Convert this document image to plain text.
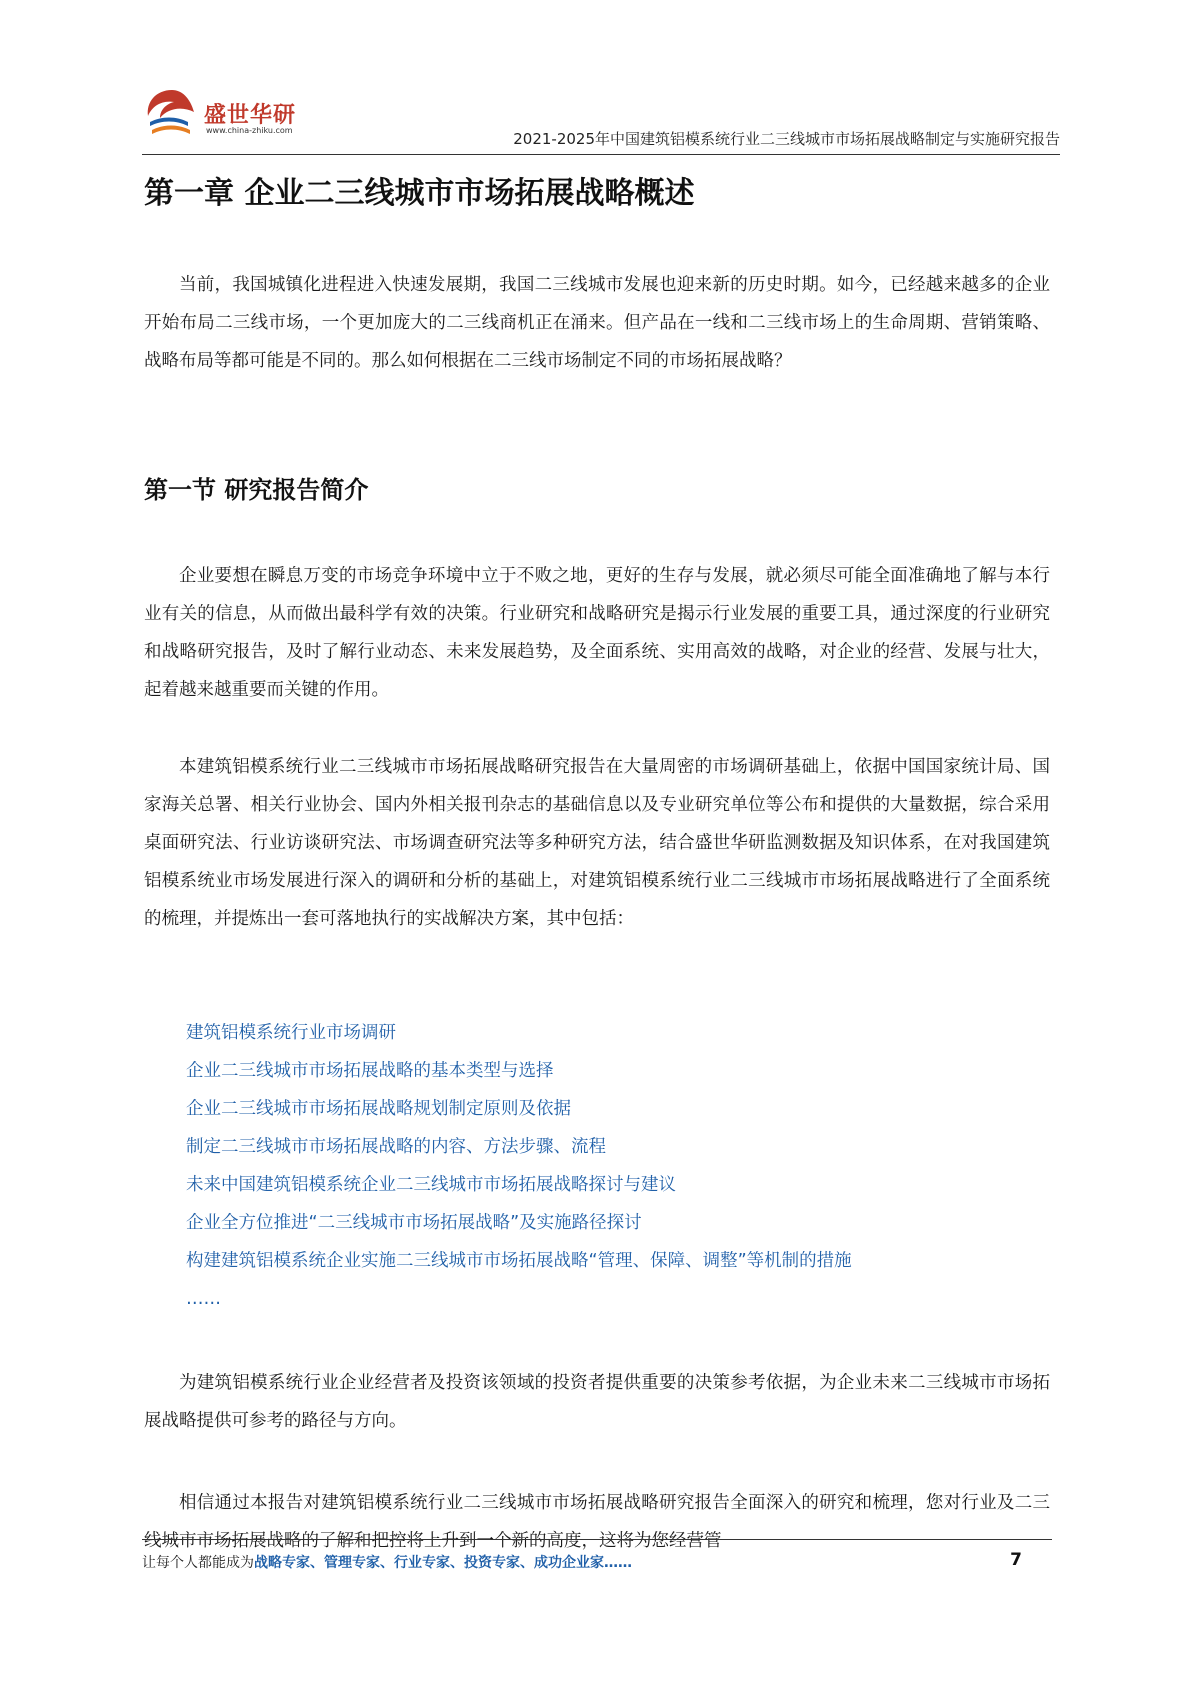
盛世华研
www.china-zhiku.com	2021-2025年中国建筑铝模系统行业二三线城市市场拓展战略制定与实施研究报告
第一章 企业二三线城市市场拓展战略概述

当前，我国城镇化进程进入快速发展期，我国二三线城市发展也迎来新的历史时期。如今，已经越来越多的企业开始布局二三线市场，一个更加庞大的二三线商机正在涌来。但产品在一线和二三线市场上的生命周期、营销策略、战略布局等都可能是不同的。那么如何根据在二三线市场制定不同的市场拓展战略？

第一节 研究报告简介

企业要想在瞬息万变的市场竞争环境中立于不败之地，更好的生存与发展，就必须尽可能全面准确地了解与本行业有关的信息，从而做出最科学有效的决策。行业研究和战略研究是揭示行业发展的重要工具，通过深度的行业研究和战略研究报告，及时了解行业动态、未来发展趋势，及全面系统、实用高效的战略，对企业的经营、发展与壮大，起着越来越重要而关键的作用。

本建筑铝模系统行业二三线城市市场拓展战略研究报告在大量周密的市场调研基础上，依据中国国家统计局、国家海关总署、相关行业协会、国内外相关报刊杂志的基础信息以及专业研究单位等公布和提供的大量数据，综合采用桌面研究法、行业访谈研究法、市场调查研究法等多种研究方法，结合盛世华研监测数据及知识体系，在对我国建筑铝模系统业市场发展进行深入的调研和分析的基础上，对建筑铝模系统行业二三线城市市场拓展战略进行了全面系统的梳理，并提炼出一套可落地执行的实战解决方案，其中包括：

建筑铝模系统行业市场调研
企业二三线城市市场拓展战略的基本类型与选择
企业二三线城市市场拓展战略规划制定原则及依据
制定二三线城市市场拓展战略的内容、方法步骤、流程
未来中国建筑铝模系统企业二三线城市市场拓展战略探讨与建议
企业全方位推进“二三线城市市场拓展战略”及实施路径探讨
构建建筑铝模系统企业实施二三线城市市场拓展战略“管理、保障、调整”等机制的措施
……

为建筑铝模系统行业企业经营者及投资该领域的投资者提供重要的决策参考依据，为企业未来二三线城市市场拓展战略提供可参考的路径与方向。

相信通过本报告对建筑铝模系统行业二三线城市市场拓展战略研究报告全面深入的研究和梳理，您对行业及二三线城市市场拓展战略的了解和把控将上升到一个新的高度，这将为您经营管

让每个人都能成为战略专家、管理专家、行业专家、投资专家、成功企业家……	7
